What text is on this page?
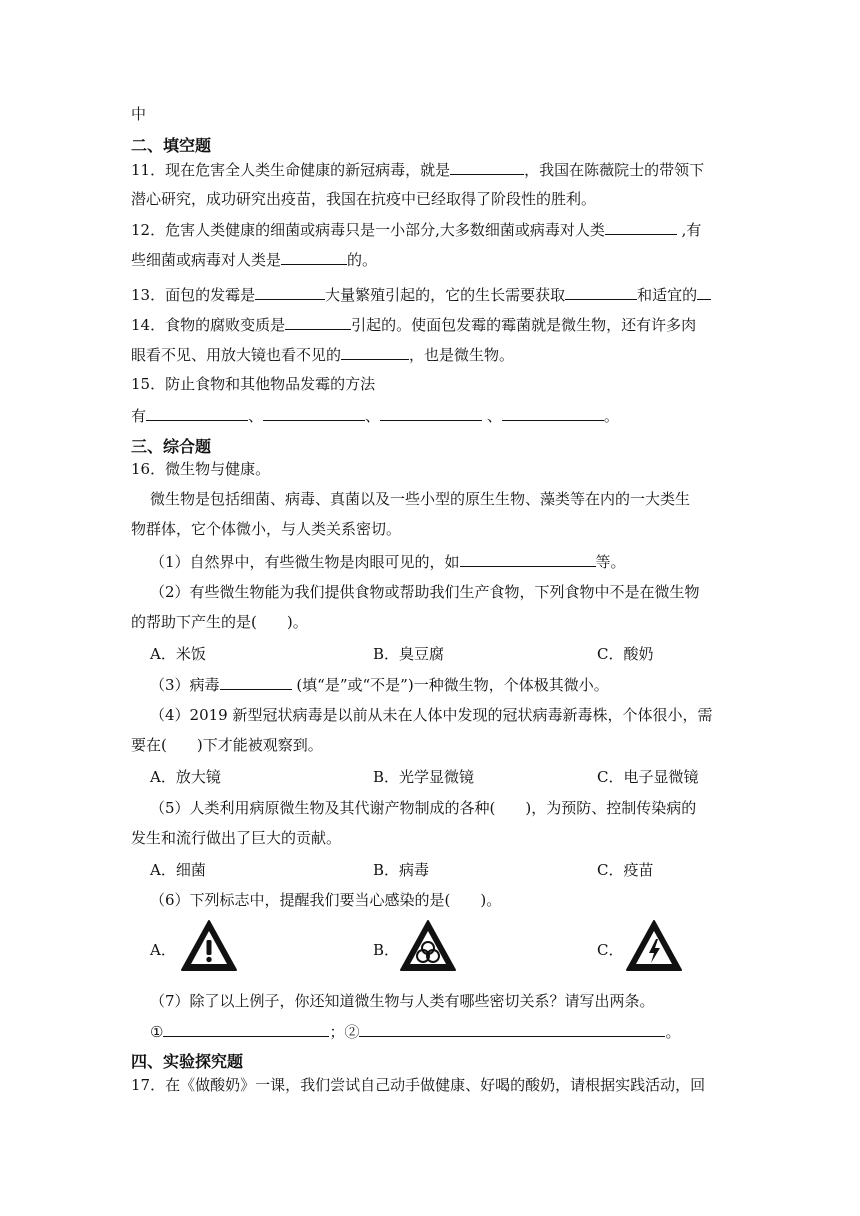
中
二、填空题
11．现在危害全人类生命健康的新冠病毒，就是	，我国在陈薇院士的带领下
潜心研究，成功研究出疫苗，我国在抗疫中已经取得了阶段性的胜利。
12．危害人类健康的细菌或病毒只是一小部分,大多数细菌或病毒对人类	,有
些细菌或病毒对人类是	的。
13．面包的发霉是	大量繁殖引起的，它的生长需要获取	和适宜的
14．食物的腐败变质是	引起的。使面包发霉的霉菌就是微生物，还有许多肉
眼看不见、用放大镜也看不见的	，也是微生物。
15．防止食物和其他物品发霉的方法
有	、	、	、	。
三、综合题
16．微生物与健康。
微生物是包括细菌、病毒、真菌以及一些小型的原生生物、藻类等在内的一大类生
物群体，它个体微小，与人类关系密切。
（1）自然界中，有些微生物是肉眼可见的，如	等。
（2）有些微生物能为我们提供食物或帮助我们生产食物，下列食物中不是在微生物
的帮助下产生的是(　　)。
A．米饭	B．臭豆腐	C．酸奶
（3）病毒	(填“是”或“不是”)一种微生物，个体极其微小。
（4）2019 新型冠状病毒是以前从未在人体中发现的冠状病毒新毒株，个体很小，需
要在(　　)下才能被观察到。
A．放大镜	B．光学显微镜	C．电子显微镜
（5）人类利用病原微生物及其代谢产物制成的各种(　　)，为预防、控制传染病的
发生和流行做出了巨大的贡献。
A．细菌	B．病毒	C．疫苗
（6）下列标志中，提醒我们要当心感染的是(　　)。
A．	B．	C．
（7）除了以上例子，你还知道微生物与人类有哪些密切关系？请写出两条。
①	；②	。
四、实验探究题
17．在《做酸奶》一课，我们尝试自己动手做健康、好喝的酸奶，请根据实践活动，回
